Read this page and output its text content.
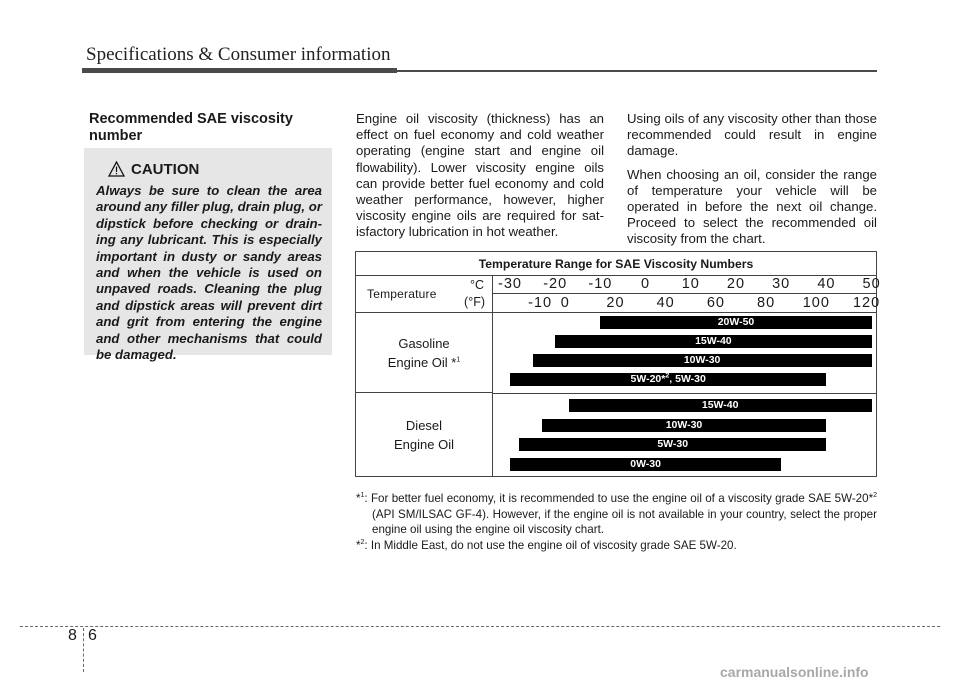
Specifications & Consumer information
Recommended SAE viscosity number
CAUTION
Always be sure to clean the area around any filler plug, drain plug, or dipstick before checking or drain-ing any lubricant. This is especially important in dusty or sandy areas and when the vehicle is used on unpaved roads. Cleaning the plug and dipstick areas will prevent dirt and grit from entering the engine and other mechanisms that could be damaged.

Engine oil viscosity (thickness) has an effect on fuel economy and cold weather operating (engine start and engine oil flowability). Lower viscosity engine oils can provide better fuel economy and cold weather performance, however, higher viscosity engine oils are required for sat-isfactory lubrication in hot weather.

Using oils of any viscosity other than those recommended could result in engine damage.

When choosing an oil, consider the range of temperature your vehicle will be operated in before the next oil change. Proceed to select the recommended oil viscosity from the chart.

Temperature Range for SAE Viscosity Numbers
Temperature
°C
(°F)
-30 -20 -10 0 10 20 30 40 50
-10 0	20 40 60 80 100 120
Gasoline
Engine Oil *$^1$
Diesel
Engine Oil
20W-50
15W-40
10W-30
5W-20*$^2$, 5W-30
15W-40
10W-30
5W-30
0W-30

*$^1$: For better fuel economy, it is recommended to use the engine oil of a viscosity grade SAE 5W-20*$^2$ (API SM/ILSAC GF-4). However, if the engine oil is not available in your country, select the proper engine oil using the engine oil viscosity chart.

*$^2$: In Middle East, do not use the engine oil of viscosity grade SAE 5W-20.

8 6
carmanualsonline.info
